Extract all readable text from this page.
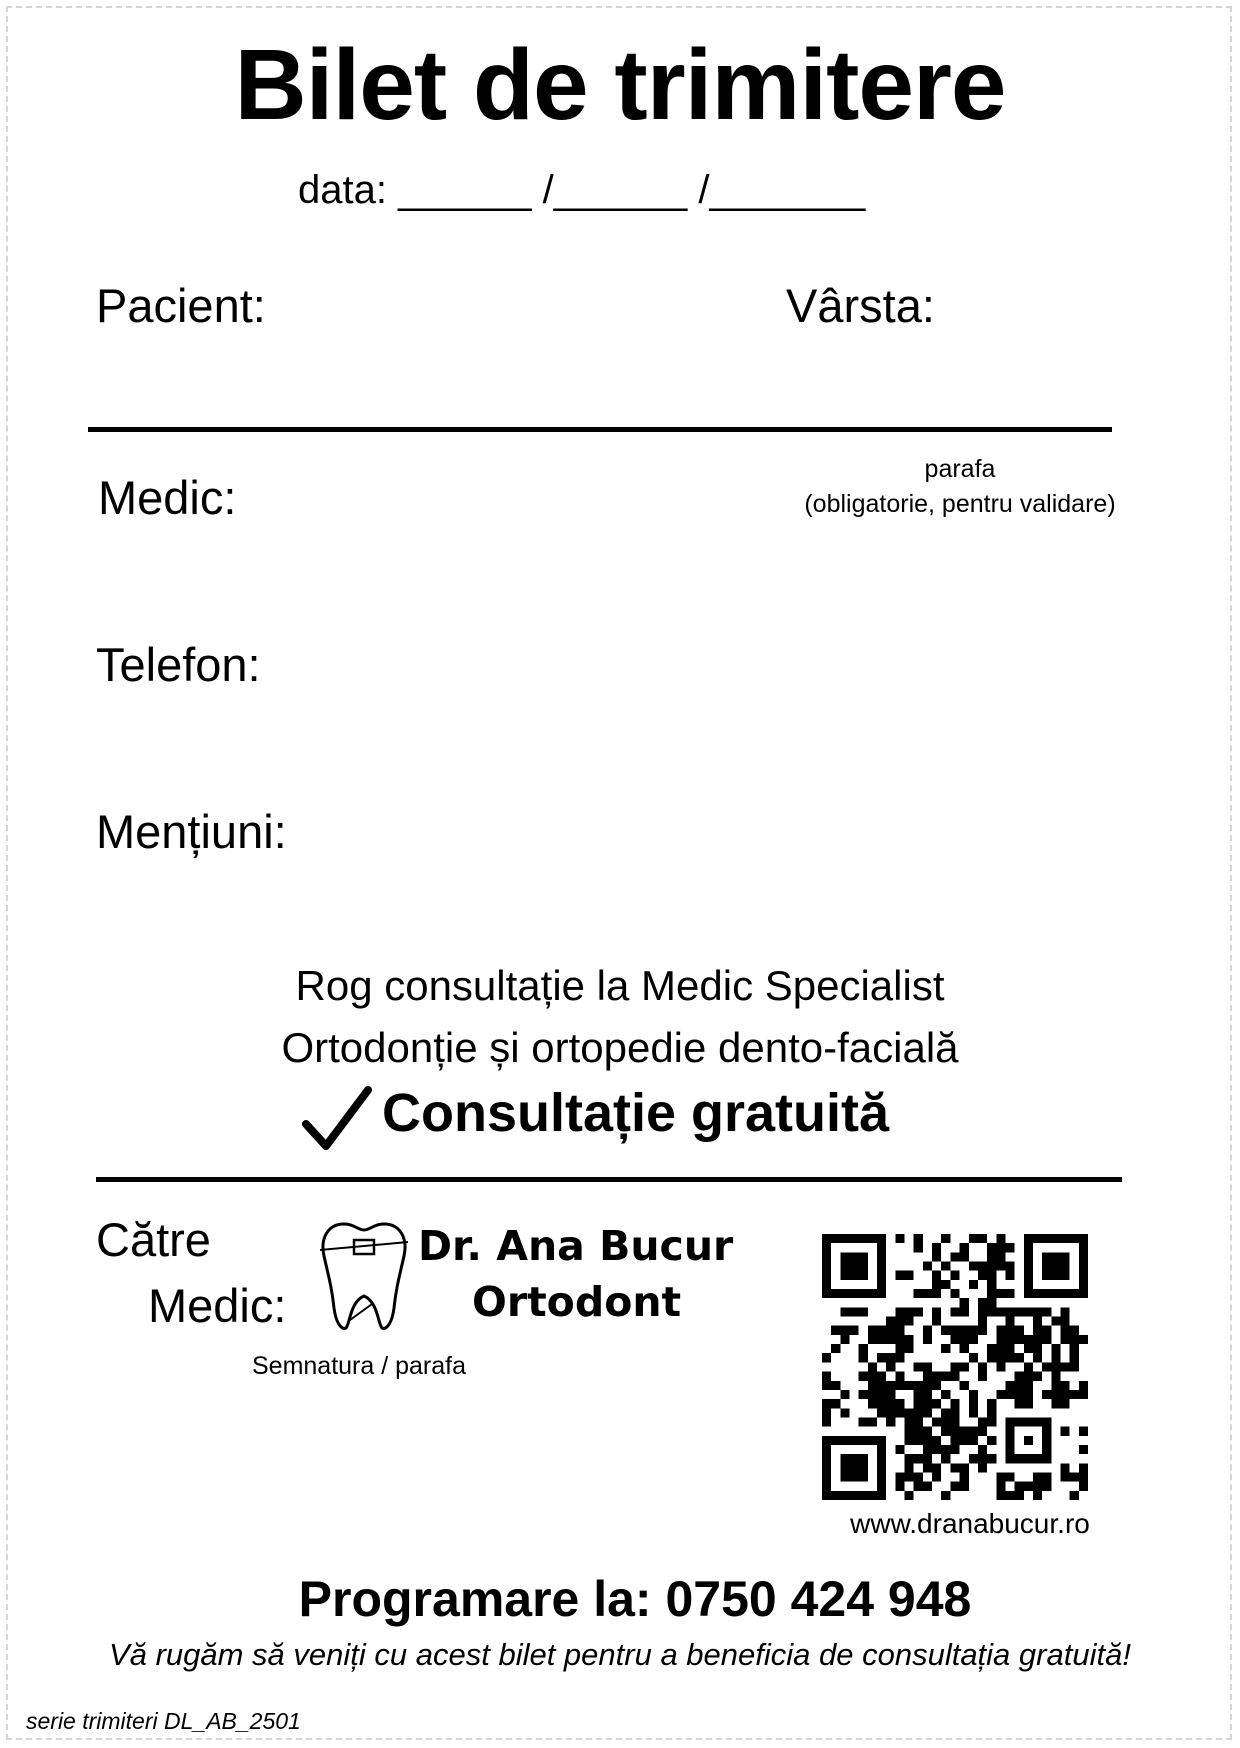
Bilet de trimitere
data: ______ /______ /_______
Pacient:	Vârsta:
Medic:
parafa
(obligatorie, pentru validare)
Telefon:
Mențiuni:
Rog consultație la Medic Specialist
Ortodonție și ortopedie dento-facială
Consultație gratuită
Către
Medic:
Dr. Ana Bucur
Ortodont
Semnatura / parafa
www.dranabucur.ro
Programare la: 0750 424 948
Vă rugăm să veniți cu acest bilet pentru a beneficia de consultația gratuită!
serie trimiteri DL_AB_2501
